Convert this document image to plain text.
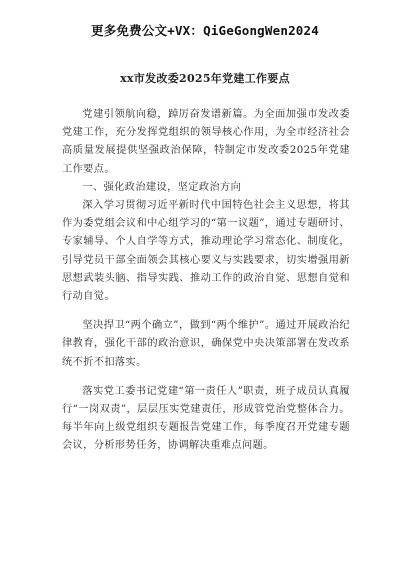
更多免费公文+VX：QiGeGongWen2024
xx市发改委2025年党建工作要点

党建引领航向稳，踔厉奋发谱新篇。为全面加强市发改委党建工作，充分发挥党组织的领导核心作用，为全市经济社会高质量发展提供坚强政治保障，特制定市发改委2025年党建工作要点。

一、强化政治建设，坚定政治方向

深入学习贯彻习近平新时代中国特色社会主义思想，将其作为委党组会议和中心组学习的“第一议题”，通过专题研讨、专家辅导、个人自学等方式，推动理论学习常态化、制度化，引导党员干部全面领会其核心要义与实践要求，切实增强用新思想武装头脑、指导实践、推动工作的政治自觉、思想自觉和行动自觉。

坚决捍卫“两个确立”，做到“两个维护”。通过开展政治纪律教育，强化干部的政治意识，确保党中央决策部署在发改系统不折不扣落实。

落实党工委书记党建“第一责任人”职责，班子成员认真履行“一岗双责”，层层压实党建责任，形成管党治党整体合力。每半年向上级党组织专题报告党建工作，每季度召开党建专题会议，分析形势任务，协调解决重难点问题。
